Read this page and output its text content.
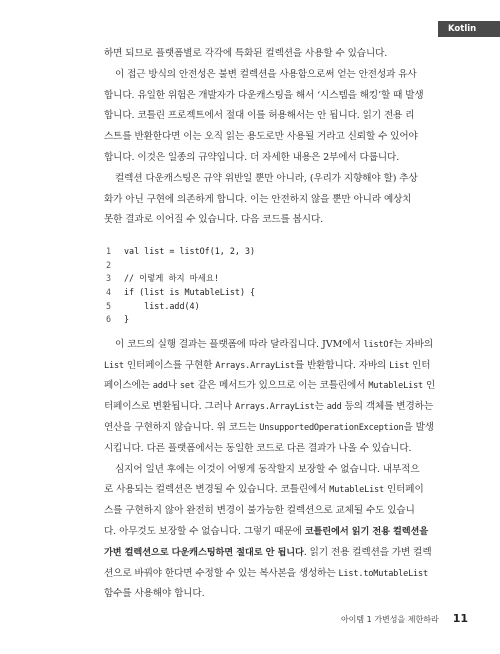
Kotlin

하면 되므로 플랫폼별로 각각에 특화된 컬렉션을 사용할 수 있습니다.

이 접근 방식의 안전성은 불변 컬렉션을 사용함으로써 얻는 안전성과 유사

합니다. 유일한 위험은 개발자가 다운캐스팅을 해서 ‘시스템을 해킹’할 때 발생

합니다. 코틀린 프로젝트에서 절대 이를 허용해서는 안 됩니다. 읽기 전용 리

스트를 반환한다면 이는 오직 읽는 용도로만 사용될 거라고 신뢰할 수 있어야

합니다. 이것은 일종의 규약입니다. 더 자세한 내용은 2부에서 다룹니다.

컬렉션 다운캐스팅은 규약 위반일 뿐만 아니라, (우리가 지향해야 할) 추상

화가 아닌 구현에 의존하게 합니다. 이는 안전하지 않을 뿐만 아니라 예상치

못한 결과로 이어질 수 있습니다. 다음 코드를 봅시다.

1	val list = listOf(1, 2, 3)
2
3	// 이렇게 하지 마세요!
4	if (list is MutableList) {
5	list.add(4)
6	}

이 코드의 실행 결과는 플랫폼에 따라 달라집니다. JVM에서 listOf는 자바의

List 인터페이스를 구현한 Arrays.ArrayList를 반환합니다. 자바의 List 인터

페이스에는 add나 set 같은 메서드가 있으므로 이는 코틀린에서 MutableList 인

터페이스로 변환됩니다. 그러나 Arrays.ArrayList는 add 등의 객체를 변경하는

연산을 구현하지 않습니다. 위 코드는 UnsupportedOperationException을 발생

시킵니다. 다른 플랫폼에서는 동일한 코드로 다른 결과가 나올 수 있습니다.

심지어 일년 후에는 이것이 어떻게 동작할지 보장할 수 없습니다. 내부적으

로 사용되는 컬렉션은 변경될 수 있습니다. 코틀린에서 MutableList 인터페이

스를 구현하지 않아 완전히 변경이 불가능한 컬렉션으로 교체될 수도 있습니

다. 아무것도 보장할 수 없습니다. 그렇기 때문에 코틀린에서 읽기 전용 컬렉션을

가변 컬렉션으로 다운캐스팅하면 절대로 안 됩니다. 읽기 전용 컬렉션을 가변 컬렉

션으로 바꿔야 한다면 수정할 수 있는 복사본을 생성하는 List.toMutableList

함수를 사용해야 합니다.

아이템 1 가변성을 제한하라 11
